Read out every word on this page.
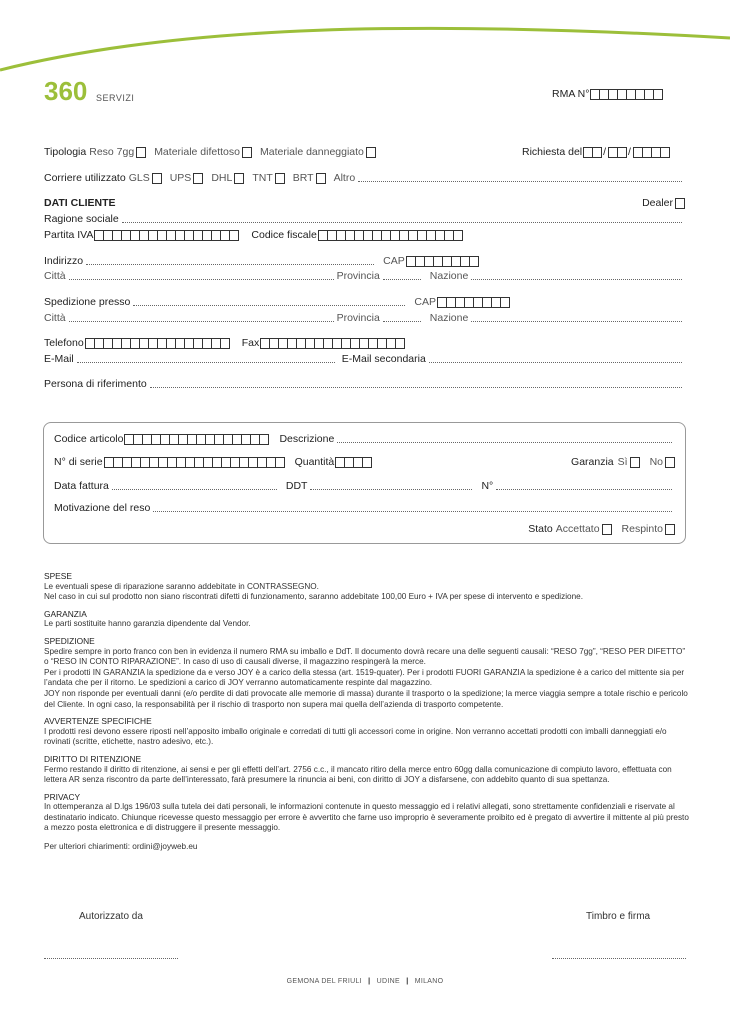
360 SERVIZI	RMA N°
Tipologia Reso 7gg Materiale difettoso Materiale danneggiato	Richiesta del / /
Corriere utilizzato GLS UPS DHL TNT BRT Altro
DATI CLIENTE	Dealer
Ragione sociale
Partita IVA	Codice fiscale
Indirizzo	CAP
Città	Provincia	Nazione
Spedizione presso	CAP
Città	Provincia	Nazione
Telefono	Fax
E-Mail	E-Mail secondaria
Persona di riferimento
Codice articolo	Descrizione
N° di serie	Quantità	Garanzia Sì No
Data fattura	DDT	N°
Motivazione del reso
Stato Accettato Respinto

SPESE

Le eventuali spese di riparazione saranno addebitate in CONTRASSEGNO.

Nel caso in cui sul prodotto non siano riscontrati difetti di funzionamento, saranno addebitate 100,00 Euro + IVA per spese di intervento e spedizione.

GARANZIA

Le parti sostituite hanno garanzia dipendente dal Vendor.

SPEDIZIONE

Spedire sempre in porto franco con ben in evidenza il numero RMA su imballo e DdT. Il documento dovrà recare una delle seguenti causali: “RESO 7gg”, “RESO PER DIFETTO” o “RESO IN CONTO RIPARAZIONE”. In caso di uso di causali diverse, il magazzino respingerà la merce.

Per i prodotti IN GARANZIA la spedizione da e verso JOY è a carico della stessa (art. 1519-quater). Per i prodotti FUORI GARANZIA la spedizione è a carico del mittente sia per l’andata che per il ritorno. Le spedizioni a carico di JOY verranno automaticamente respinte dal magazzino.

JOY non risponde per eventuali danni (e/o perdite di dati provocate alle memorie di massa) durante il trasporto o la spedizione; la merce viaggia sempre a totale rischio e pericolo del Cliente. In ogni caso, la responsabilità per il rischio di trasporto non supera mai quella dell’azienda di trasporto competente.

AVVERTENZE SPECIFICHE

I prodotti resi devono essere riposti nell’apposito imballo originale e corredati di tutti gli accessori come in origine. Non verranno accettati prodotti con imballi danneggiati e/o rovinati (scritte, etichette, nastro adesivo, etc.).

DIRITTO DI RITENZIONE

Fermo restando il diritto di ritenzione, ai sensi e per gli effetti dell’art. 2756 c.c., il mancato ritiro della merce entro 60gg dalla comunicazione di compiuto lavoro, effettuata con lettera AR senza riscontro da parte dell’interessato, farà presumere la rinuncia ai beni, con diritto di JOY a disfarsene, con addebito quanto di sua spettanza.

PRIVACY

In ottemperanza al D.lgs 196/03 sulla tutela dei dati personali, le informazioni contenute in questo messaggio ed i relativi allegati, sono strettamente confidenziali e riservate al destinatario indicato. Chiunque ricevesse questo messaggio per errore è avvertito che farne uso improprio è severamente proibito ed è pregato di avvertire il mittente al più presto a mezzo posta elettronica e di distruggere il presente messaggio.

Per ulteriori chiarimenti: ordini@joyweb.eu

Autorizzato da	Timbro e firma
GEMONA DEL FRIULI | UDINE | MILANO
